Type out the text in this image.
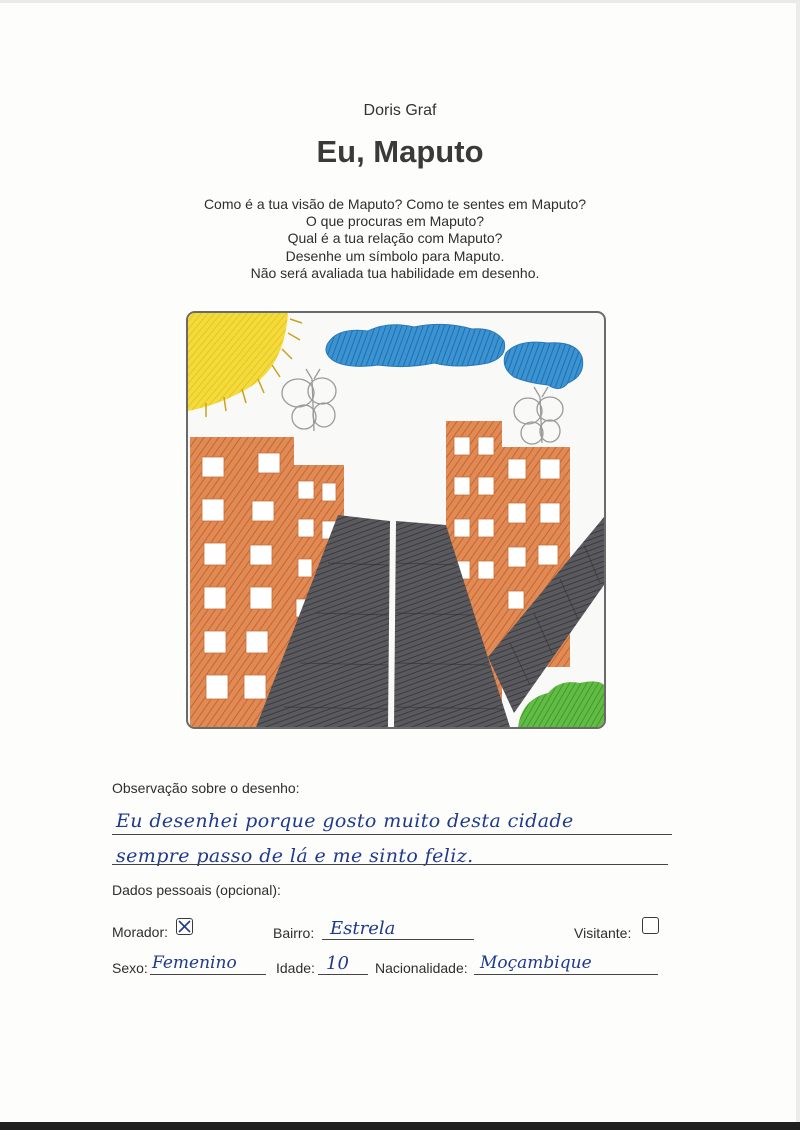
Doris Graf
Eu, Maputo
Como é a tua visão de Maputo? Como te sentes em Maputo?
O que procuras em Maputo?
Qual é a tua relação com Maputo?
Desenhe um símbolo para Maputo.
Não será avaliada tua habilidade em desenho.
Observação sobre o desenho:
Eu desenhei porque gosto muito desta cidade
sempre passo de lá e me sinto feliz.
Dados pessoais (opcional):
Morador:	Bairro: Estrela	Visitante:
Sexo: Femenino	Idade: 10 Nacionalidade: Moçambique
